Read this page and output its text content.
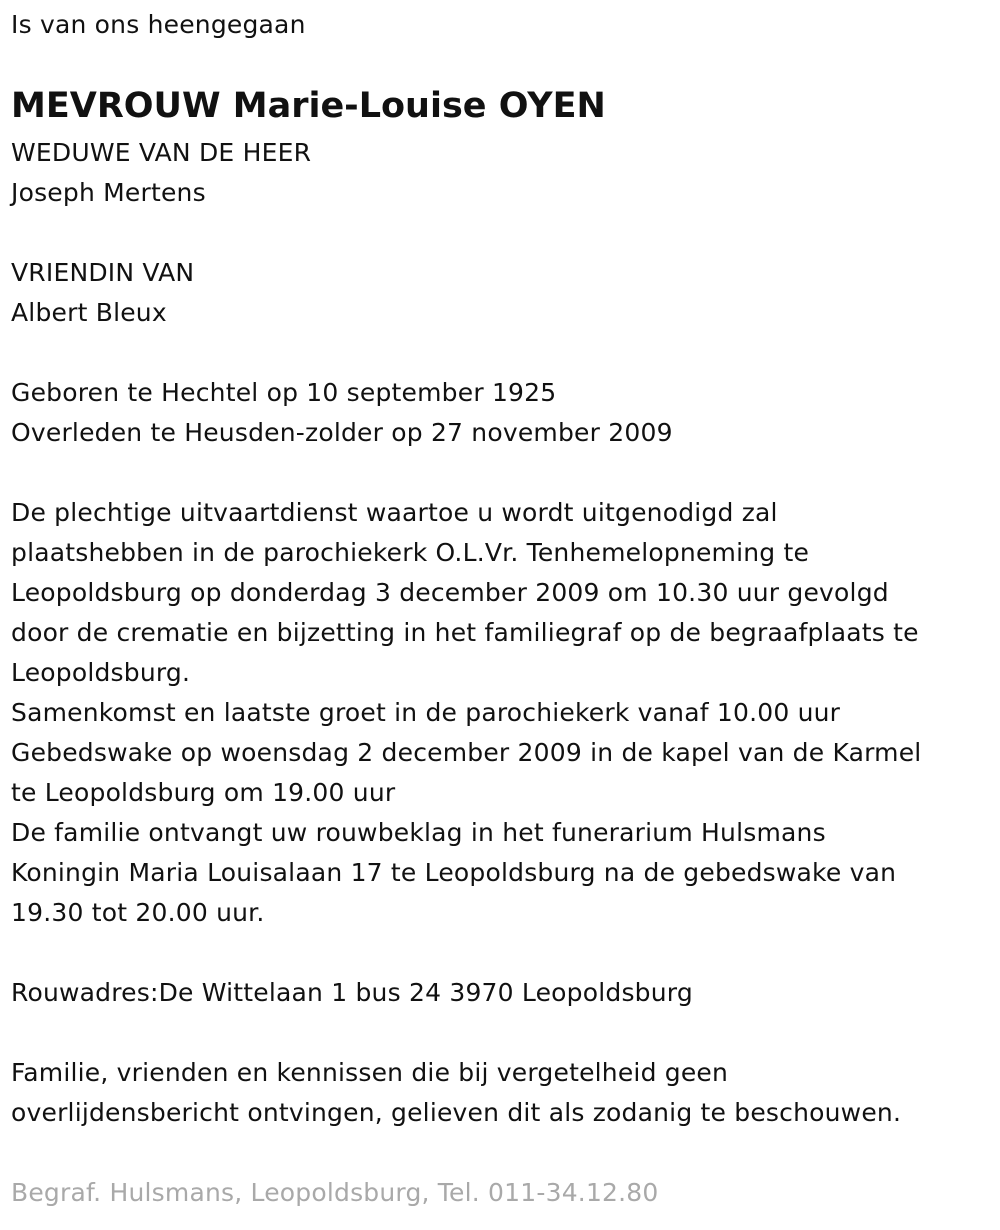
Is van ons heengegaan
MEVROUW Marie-Louise OYEN
WEDUWE VAN DE HEER
Joseph Mertens
VRIENDIN VAN
Albert Bleux
Geboren te Hechtel op 10 september 1925
Overleden te Heusden-zolder op 27 november 2009
De plechtige uitvaartdienst waartoe u wordt uitgenodigd zal
plaatshebben in de parochiekerk O.L.Vr. Tenhemelopneming te
Leopoldsburg op donderdag 3 december 2009 om 10.30 uur gevolgd
door de crematie en bijzetting in het familiegraf op de begraafplaats te
Leopoldsburg.
Samenkomst en laatste groet in de parochiekerk vanaf 10.00 uur
Gebedswake op woensdag 2 december 2009 in de kapel van de Karmel
te Leopoldsburg om 19.00 uur
De familie ontvangt uw rouwbeklag in het funerarium Hulsmans
Koningin Maria Louisalaan 17 te Leopoldsburg na de gebedswake van
19.30 tot 20.00 uur.
Rouwadres:De Wittelaan 1 bus 24 3970 Leopoldsburg
Familie, vrienden en kennissen die bij vergetelheid geen
overlijdensbericht ontvingen, gelieven dit als zodanig te beschouwen.
Begraf. Hulsmans, Leopoldsburg, Tel. 011-34.12.80
